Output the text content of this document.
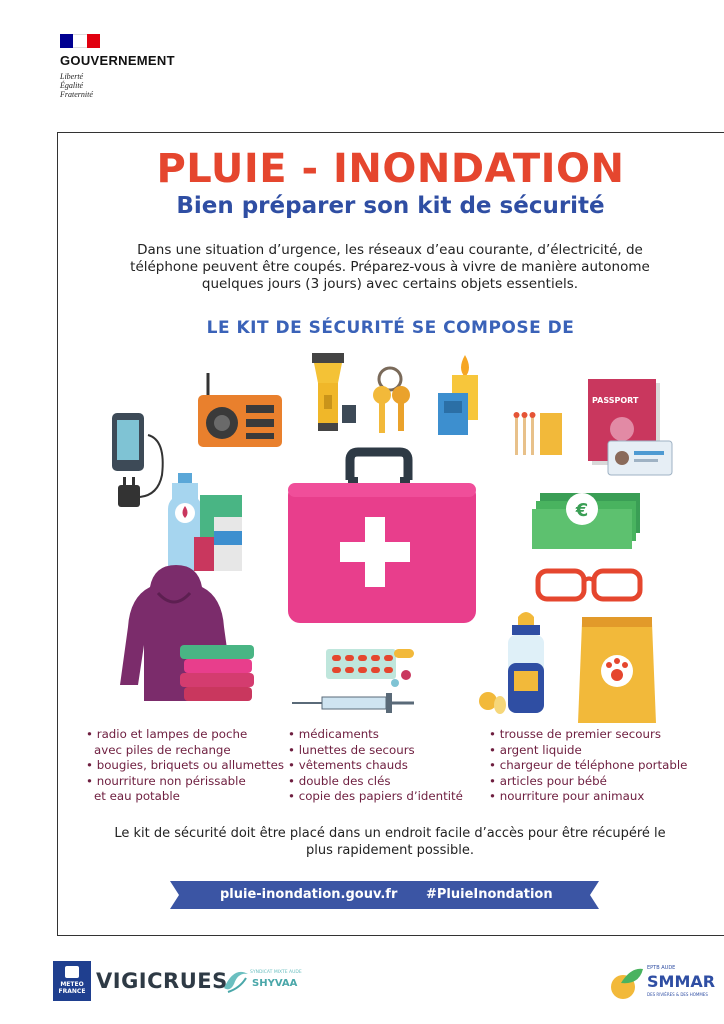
GOUVERNEMENT
Liberté
Égalité
Fraternité
PLUIE - INONDATION
Bien préparer son kit de sécurité
Dans une situation d’urgence, les réseaux d’eau courante, d’électricité, de téléphone peuvent être coupés. Préparez-vous à vivre de manière autonome quelques jours (3 jours) avec certains objets essentiels.
LE KIT DE SÉCURITÉ SE COMPOSE DE
PASSPORT
€
• radio et lampes de poche
avec piles de rechange
• bougies, briquets ou allumettes
• nourriture non périssable
et eau potable
• médicaments
• lunettes de secours
• vêtements chauds
• double des clés
• copie des papiers d’identité
• trousse de premier secours
• argent liquide
• chargeur de téléphone portable
• articles pour bébé
• nourriture pour animaux
Le kit de sécurité doit être placé dans un endroit facile d’accès pour être récupéré le plus rapidement possible.
pluie-inondation.gouv.fr #PluieInondation
METEO
FRANCE VIGICRUES	SYNDICAT MIXTE AUDE
SHYVAA
EPTB AUDE
SMMAR
DES RIVIÈRES & DES HOMMES
